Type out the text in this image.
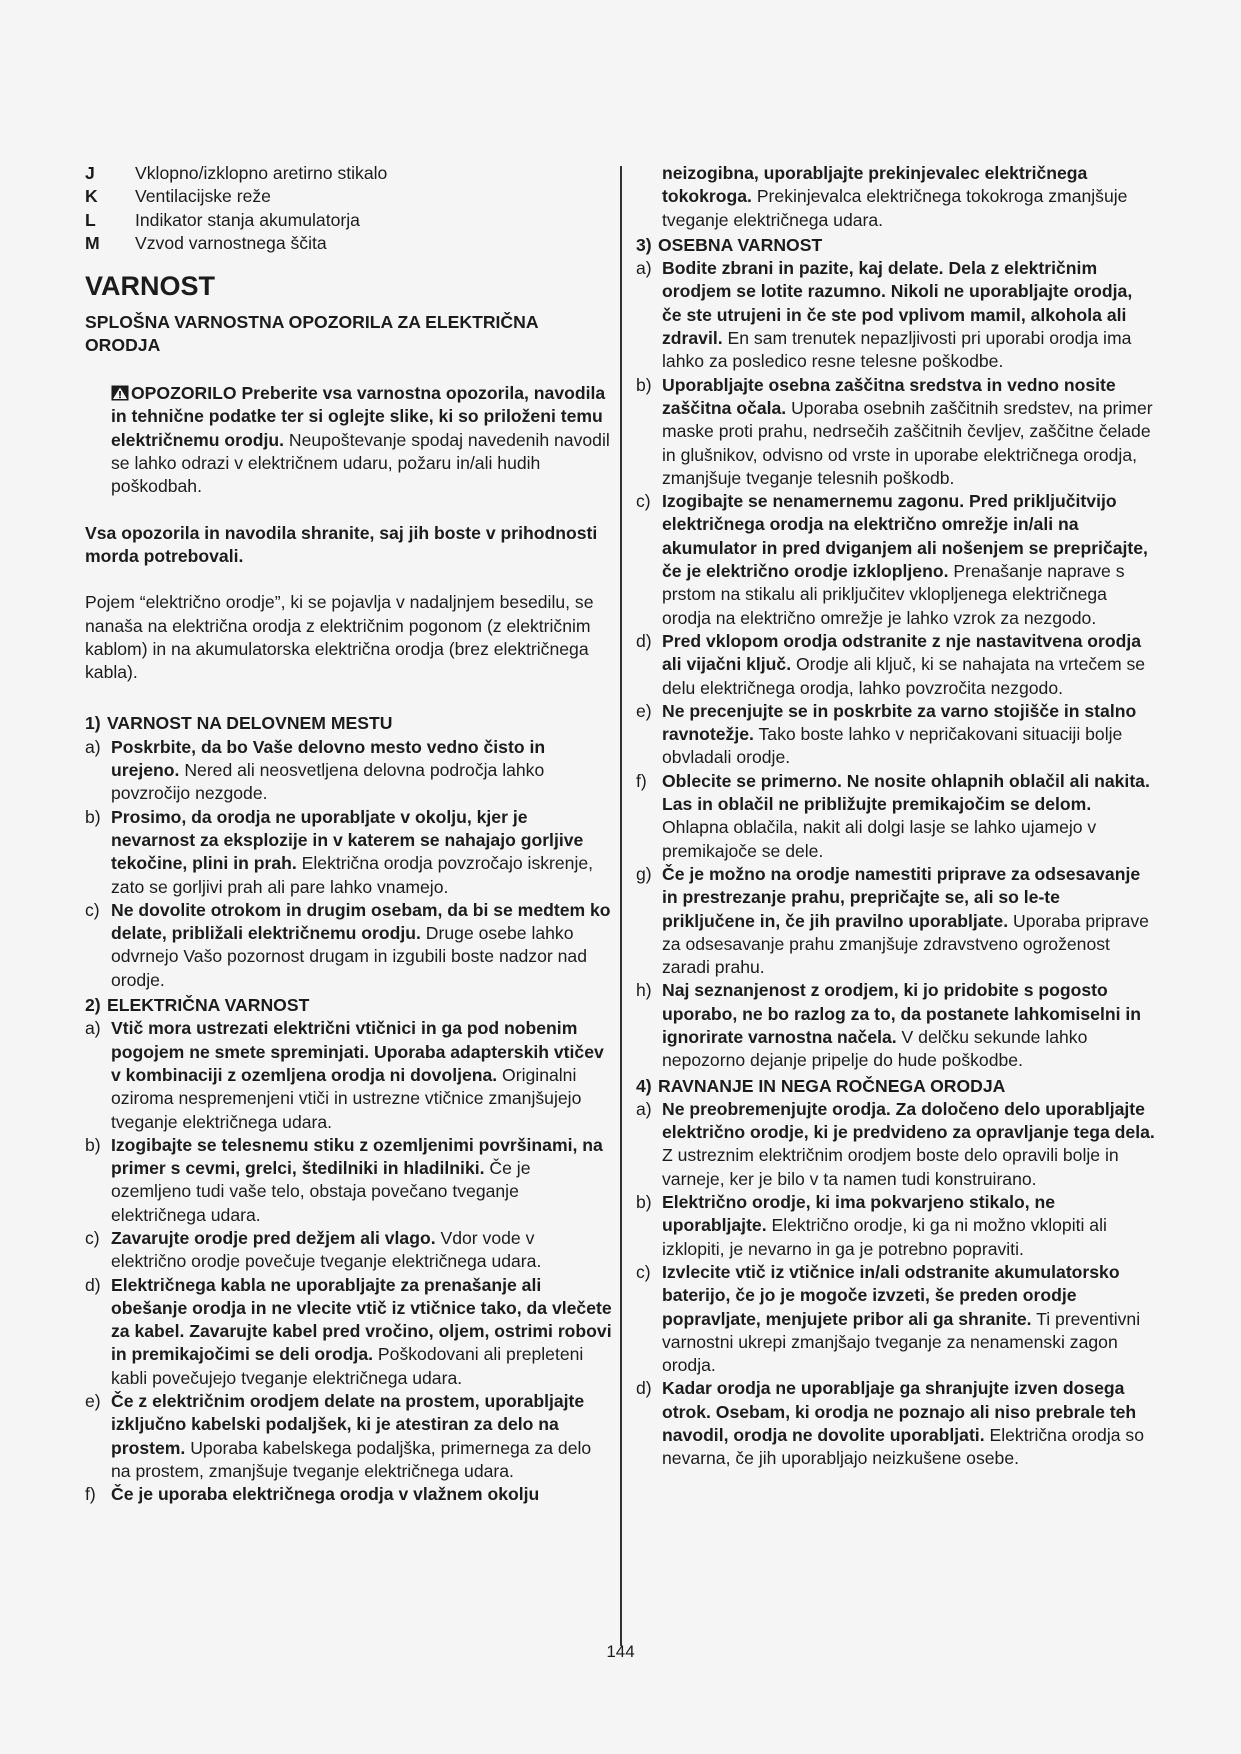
J	Vklopno/izklopno aretirno stikalo
K	Ventilacijske reže
L	Indikator stanja akumulatorja
M	Vzvod varnostnega ščita
VARNOST
SPLOŠNA VARNOSTNA OPOZORILA ZA ELEKTRIČNA ORODJA

OPOZORILO Preberite vsa varnostna opozorila, navodila in tehnične podatke ter si oglejte slike, ki so priloženi temu električnemu orodju. Neupoštevanje spodaj navedenih navodil se lahko odrazi v električnem udaru, požaru in/ali hudih poškodbah.

Vsa opozorila in navodila shranite, saj jih boste v prihodnosti morda potrebovali.

Pojem “električno orodje”, ki se pojavlja v nadaljnjem besedilu, se nanaša na električna orodja z električnim pogonom (z električnim kablom) in na akumulatorska električna orodja (brez električnega kabla).

1) VARNOST NA DELOVNEM MESTU
a) Poskrbite, da bo Vaše delovno mesto vedno čisto in urejeno. Nered ali neosvetljena delovna področja lahko povzročijo nezgode.
b) Prosimo, da orodja ne uporabljate v okolju, kjer je nevarnost za eksplozije in v katerem se nahajajo gorljive tekočine, plini in prah. Električna orodja povzročajo iskrenje, zato se gorljivi prah ali pare lahko vnamejo.
c) Ne dovolite otrokom in drugim osebam, da bi se medtem ko delate, približali električnemu orodju. Druge osebe lahko odvrnejo Vašo pozornost drugam in izgubili boste nadzor nad orodje.
2) ELEKTRIČNA VARNOST
a) Vtič mora ustrezati električni vtičnici in ga pod nobenim pogojem ne smete spreminjati. Uporaba adapterskih vtičev v kombinaciji z ozemljena orodja ni dovoljena. Originalni oziroma nespremenjeni vtiči in ustrezne vtičnice zmanjšujejo tveganje električnega udara.
b) Izogibajte se telesnemu stiku z ozemljenimi površinami, na primer s cevmi, grelci, štedilniki in hladilniki. Če je ozemljeno tudi vaše telo, obstaja povečano tveganje električnega udara.
c) Zavarujte orodje pred dežjem ali vlago. Vdor vode v električno orodje povečuje tveganje električnega udara.
d) Električnega kabla ne uporabljajte za prenašanje ali obešanje orodja in ne vlecite vtič iz vtičnice tako, da vlečete za kabel. Zavarujte kabel pred vročino, oljem, ostrimi robovi in premikajočimi se deli orodja. Poškodovani ali prepleteni kabli povečujejo tveganje električnega udara.
e) Če z električnim orodjem delate na prostem, uporabljajte izključno kabelski podaljšek, ki je atestiran za delo na prostem. Uporaba kabelskega podaljška, primernega za delo na prostem, zmanjšuje tveganje električnega udara.
f) Če je uporaba električnega orodja v vlažnem okolju

neizogibna, uporabljajte prekinjevalec električnega tokokroga. Prekinjevalca električnega tokokroga zmanjšuje tveganje električnega udara.

3) OSEBNA VARNOST
a) Bodite zbrani in pazite, kaj delate. Dela z električnim orodjem se lotite razumno. Nikoli ne uporabljajte orodja, če ste utrujeni in če ste pod vplivom mamil, alkohola ali zdravil. En sam trenutek nepazljivosti pri uporabi orodja ima lahko za posledico resne telesne poškodbe.
b) Uporabljajte osebna zaščitna sredstva in vedno nosite zaščitna očala. Uporaba osebnih zaščitnih sredstev, na primer maske proti prahu, nedrsečih zaščitnih čevljev, zaščitne čelade in glušnikov, odvisno od vrste in uporabe električnega orodja, zmanjšuje tveganje telesnih poškodb.
c) Izogibajte se nenamernemu zagonu. Pred priključitvijo električnega orodja na električno omrežje in/ali na akumulator in pred dviganjem ali nošenjem se prepričajte, če je električno orodje izklopljeno. Prenašanje naprave s prstom na stikalu ali priključitev vklopljenega električnega orodja na električno omrežje je lahko vzrok za nezgodo.
d) Pred vklopom orodja odstranite z nje nastavitvena orodja ali vijačni ključ. Orodje ali ključ, ki se nahajata na vrtečem se delu električnega orodja, lahko povzročita nezgodo.
e) Ne precenjujte se in poskrbite za varno stojišče in stalno ravnotežje. Tako boste lahko v nepričakovani situaciji bolje obvladali orodje.
f) Oblecite se primerno. Ne nosite ohlapnih oblačil ali nakita. Las in oblačil ne približujte premikajočim se delom. Ohlapna oblačila, nakit ali dolgi lasje se lahko ujamejo v premikajoče se dele.
g) Če je možno na orodje namestiti priprave za odsesavanje in prestrezanje prahu, prepričajte se, ali so le-te priključene in, če jih pravilno uporabljate. Uporaba priprave za odsesavanje prahu zmanjšuje zdravstveno ogroženost zaradi prahu.
h) Naj seznanjenost z orodjem, ki jo pridobite s pogosto uporabo, ne bo razlog za to, da postanete lahkomiselni in ignorirate varnostna načela. V delčku sekunde lahko nepozorno dejanje pripelje do hude poškodbe.
4) RAVNANJE IN NEGA ROČNEGA ORODJA
a) Ne preobremenjujte orodja. Za določeno delo uporabljajte električno orodje, ki je predvideno za opravljanje tega dela. Z ustreznim električnim orodjem boste delo opravili bolje in varneje, ker je bilo v ta namen tudi konstruirano.
b) Električno orodje, ki ima pokvarjeno stikalo, ne uporabljajte. Električno orodje, ki ga ni možno vklopiti ali izklopiti, je nevarno in ga je potrebno popraviti.
c) Izvlecite vtič iz vtičnice in/ali odstranite akumulatorsko baterijo, če jo je mogoče izvzeti, še preden orodje popravljate, menjujete pribor ali ga shranite. Ti preventivni varnostni ukrepi zmanjšajo tveganje za nenamenski zagon orodja.
d) Kadar orodja ne uporabljaje ga shranjujte izven dosega otrok. Osebam, ki orodja ne poznajo ali niso prebrale teh navodil, orodja ne dovolite uporabljati. Električna orodja so nevarna, če jih uporabljajo neizkušene osebe.
144
